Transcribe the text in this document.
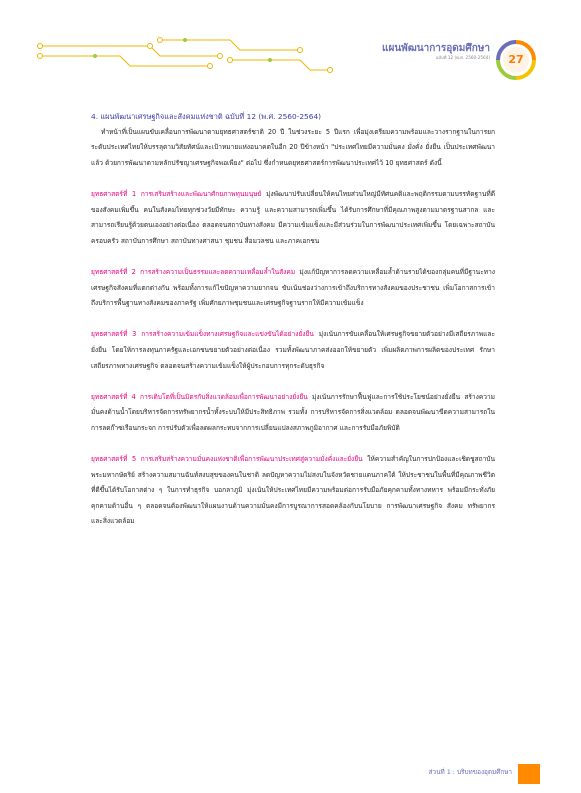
แผนพัฒนาการอุดมศึกษา
ฉบับที่ 12 (พ.ศ. 2560-2564)	27

4. แผนพัฒนาเศรษฐกิจและสังคมแห่งชาติ ฉบับที่ 12 (พ.ศ. 2560-2564)

ทำหน้าที่เป็นแผนขับเคลื่อนการพัฒนาตามยุทธศาสตร์ชาติ 20 ปี ในช่วงระยะ 5 ปีแรก เพื่อมุ่งเตรียมความพร้อมและวางรากฐานในการยกระดับประเทศไทยให้บรรลุตามวิสัยทัศน์และเป้าหมายแห่งอนาคตในอีก 20 ปีข้างหน้า "ประเทศไทยมีความมั่นคง มั่งคั่ง ยั่งยืน เป็นประเทศพัฒนาแล้ว ด้วยการพัฒนาตามหลักปรัชญาเศรษฐกิจพอเพียง" ต่อไป ซึ่งกำหนดยุทธศาสตร์การพัฒนาประเทศไว้ 10 ยุทธศาสตร์ ดังนี้

ยุทธศาสตร์ที่ 1 การเสริมสร้างและพัฒนาศักยภาพทุนมนุษย์ มุ่งพัฒนาปรับเปลี่ยนให้คนไทยส่วนใหญ่มีทัศนคติและพฤติกรรมตามบรรทัดฐานที่ดีของสังคมเพิ่มขึ้น คนในสังคมไทยทุกช่วงวัยมีทักษะ ความรู้ และความสามารถเพิ่มขึ้น ได้รับการศึกษาที่มีคุณภาพสูงตามมาตรฐานสากล และสามารถเรียนรู้ด้วยตนเองอย่างต่อเนื่อง ตลอดจนสถาบันทางสังคม มีความเข้มแข็งและมีส่วนร่วมในการพัฒนาประเทศเพิ่มขึ้น โดยเฉพาะสถาบันครอบครัว สถาบันการศึกษา สถาบันทางศาสนา ชุมชน สื่อมวลชน และภาคเอกชน

ยุทธศาสตร์ที่ 2 การสร้างความเป็นธรรมและลดความเหลื่อมล้ำในสังคม มุ่งแก้ปัญหาการลดความเหลื่อมล้ำด้านรายได้ของกลุ่มคนที่มีฐานะทางเศรษฐกิจสังคมที่แตกต่างกัน พร้อมทั้งการแก้ไขปัญหาความยากจน ขับเน้นช่องว่างการเข้าถึงบริการทางสังคมของประชาชน เพิ่มโอกาสการเข้าถึงบริการพื้นฐานทางสังคมของภาครัฐ เพิ่มศักยภาพชุมชนและเศรษฐกิจฐานรากให้มีความเข้มแข็ง

ยุทธศาสตร์ที่ 3 การสร้างความเข้มแข็งทางเศรษฐกิจและแข่งขันได้อย่างยั่งยืน มุ่งเน้นการขับเคลื่อนให้เศรษฐกิจขยายตัวอย่างมีเสถียรภาพและยั่งยืน โดยให้การลงทุนภาครัฐและเอกชนขยายตัวอย่างต่อเนื่อง รวมทั้งพัฒนาภาคส่งออกให้ขยายตัว เพิ่มผลิตภาพการผลิตของประเทศ รักษาเสถียรภาพทางเศรษฐกิจ ตลอดจนสร้างความเข้มแข็งให้ผู้ประกอบการทุกระดับธุรกิจ

ยุทธศาสตร์ที่ 4 การเติบโตที่เป็นมิตรกับสิ่งแวดล้อมเพื่อการพัฒนาอย่างยั่งยืน มุ่งเน้นการรักษาฟื้นฟูและการใช้ประโยชน์อย่างยั่งยืน สร้างความมั่นคงด้านน้ำโดยบริหารจัดการทรัพยากรน้ำทั้งระบบให้มีประสิทธิภาพ รวมทั้ง การบริหารจัดการสิ่งแวดล้อม ตลอดจนพัฒนาขีดความสามารถในการลดก๊าซเรือนกระจก การปรับตัวเพื่อลดผลกระทบจากการเปลี่ยนแปลงสภาพภูมิอากาศ และการรับมือภัยพิบัติ

ยุทธศาสตร์ที่ 5 การเสริมสร้างความมั่นคงแห่งชาติเพื่อการพัฒนาประเทศสู่ความมั่งคั่งและยั่งยืน ให้ความสำคัญในการปกป้องและเชิดชูสถาบันพระมหากษัตริย์ สร้างความสมานฉันท์สงบสุขของคนในชาติ ลดปัญหาความไม่สงบในจังหวัดชายแดนภาคใต้ ให้ประชาชนในพื้นที่มีคุณภาพชีวิตที่ดีขึ้นได้รับโอกาสต่าง ๆ ในการทำธุรกิจ บอกลาภูมิ มุ่งเน้นให้ประเทศไทยมีความพร้อมต่อการรับมือภัยคุกคามทั้งทางทหาร พร้อมมีกระทั่งภัยคุกคามด้านอื่น ๆ ตลอดจนต้องพัฒนาให้แผนงานด้านความมั่นคงมีการบูรณาการสอดคล้องกับนโยบาย การพัฒนาเศรษฐกิจ สังคม ทรัพยากร และสิ่งแวดล้อม

ส่วนที่ 1 : บริบทของอุดมศึกษา
